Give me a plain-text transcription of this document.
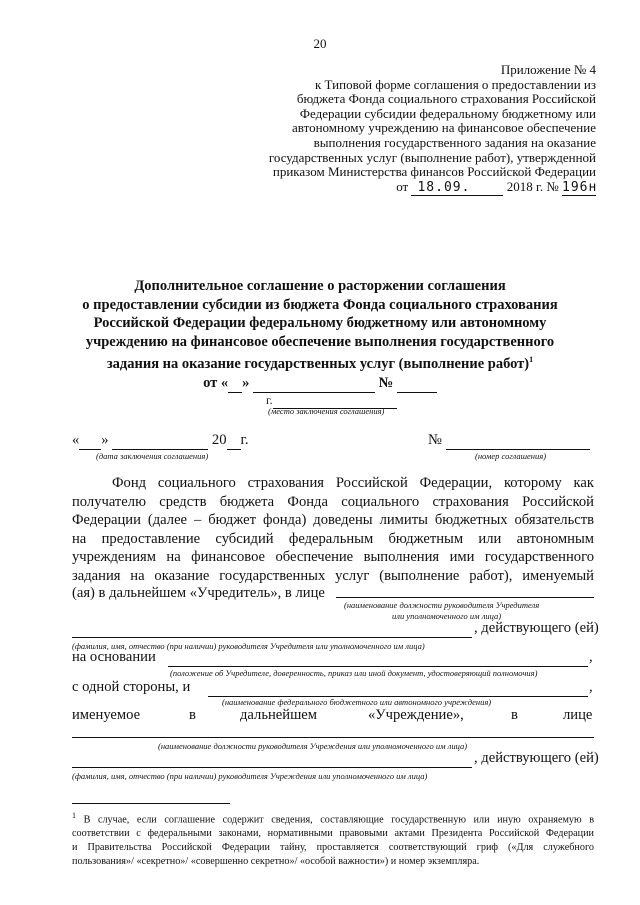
20
Приложение № 4
к Типовой форме соглашения о предоставлении из
бюджета Фонда социального страхования Российской
Федерации субсидии федеральному бюджетному или
автономному учреждению на финансовое обеспечение
выполнения государственного задания на оказание
государственных услуг (выполнение работ), утвержденной
приказом Министерства финансов Российской Федерации
от 18.09.	2018 г. № 196н
Дополнительное соглашение о расторжении соглашения
о предоставлении субсидии из бюджета Фонда социального страхования
Российской Федерации федеральному бюджетному или автономному
учреждению на финансовое обеспечение выполнения государственного
задания на оказание государственных услуг (выполнение работ)$^1$
от « »	№
г.
(место заключения соглашения)
« »	20 г.
(дата заключения соглашения)
№
(номер соглашения)
Фонд социального страхования Российской Федерации, которому как
получателю средств бюджета Фонда социального страхования Российской
Федерации (далее – бюджет фонда) доведены лимиты бюджетных обязательств
на предоставление субсидий федеральным бюджетным или автономным
учреждениям на финансовое обеспечение выполнения ими государственного
задания на оказание государственных услуг (выполнение работ), именуемый
(ая) в дальнейшем «Учредитель», в лице
(наименование должности руководителя Учредителя
или уполномоченного им лица)
, действующего (ей)
(фамилия, имя, отчество (при наличии) руководителя Учредителя или уполномоченного им лица)
на основании	,
(положение об Учредителе, доверенность, приказ или иной документ, удостоверяющий полномочия)
с одной стороны, и	,
(наименование федерального бюджетного или автономного учреждения)
именуемое	в	дальнейшем	«Учреждение»,	в	лице
(наименование должности руководителя Учреждения или уполномоченного им лица)
, действующего (ей)
(фамилия, имя, отчество (при наличии) руководителя Учреждения или уполномоченного им лица)
$^1$ В случае, если соглашение содержит сведения, составляющие государственную или иную охраняемую в
соответствии с федеральными законами, нормативными правовыми актами Президента Российской Федерации
и Правительства Российской Федерации тайну, проставляется соответствующий гриф («Для служебного
пользования»/ «секретно»/ «совершенно секретно»/ «особой важности») и номер экземпляра.
